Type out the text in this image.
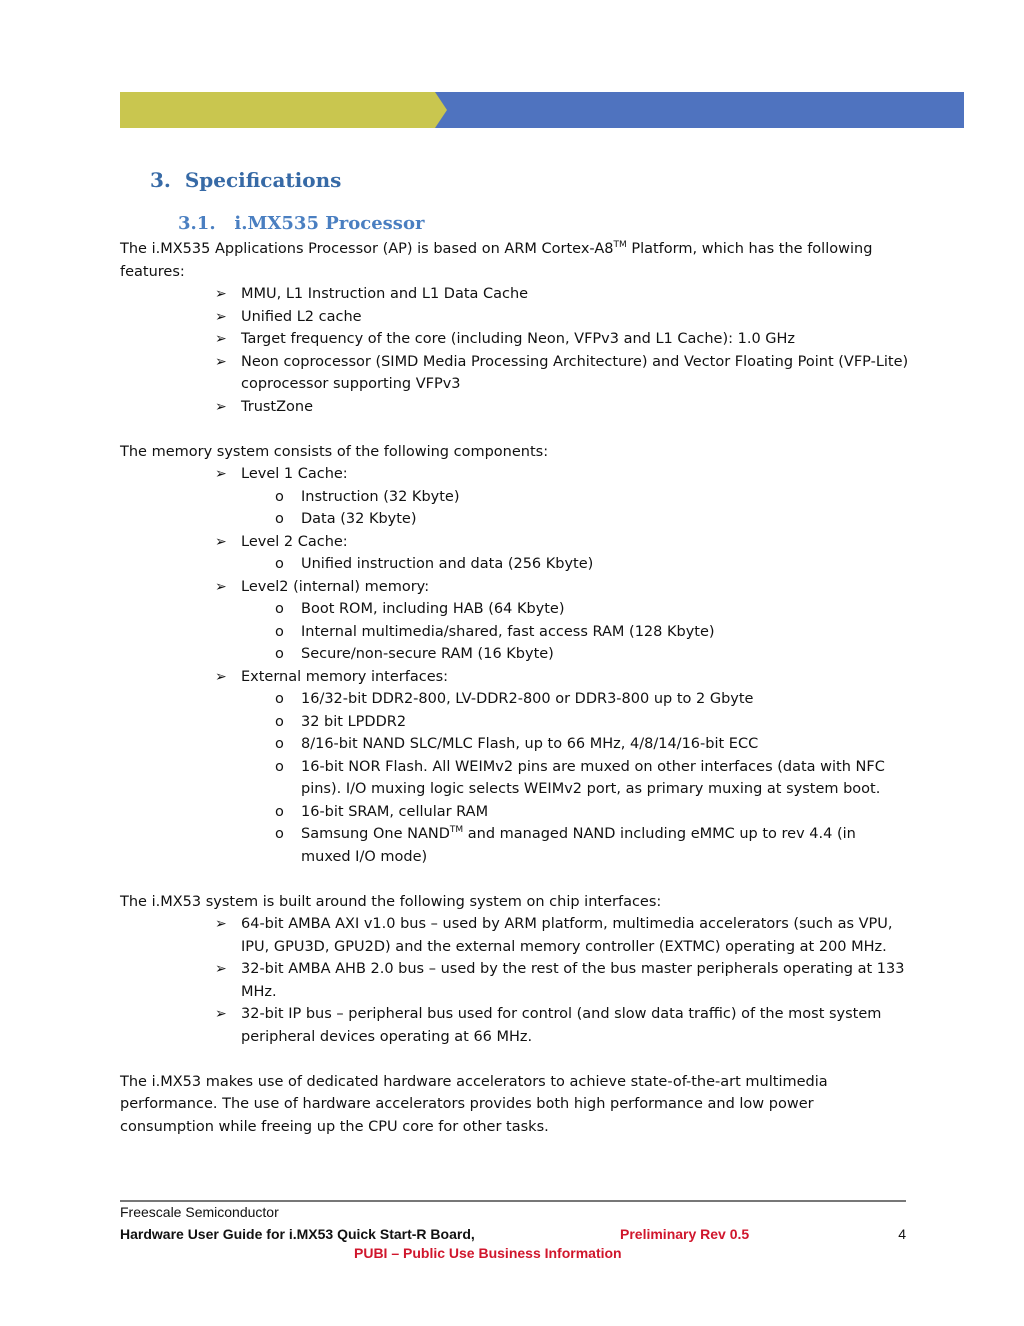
3. Specifications
3.1. i.MX535 Processor

The i.MX535 Applications Processor (AP) is based on ARM Cortex-A8™ Platform, which has the following
features:

➢ MMU, L1 Instruction and L1 Data Cache
➢ Unified L2 cache
➢ Target frequency of the core (including Neon, VFPv3 and L1 Cache): 1.0 GHz
➢ Neon coprocessor (SIMD Media Processing Architecture) and Vector Floating Point (VFP-Lite) coprocessor supporting VFPv3
➢ TrustZone

The memory system consists of the following components:

➢ Level 1 Cache:
o Instruction (32 Kbyte)
o Data (32 Kbyte)
➢ Level 2 Cache:
o Unified instruction and data (256 Kbyte)
➢ Level2 (internal) memory:
o Boot ROM, including HAB (64 Kbyte)
o Internal multimedia/shared, fast access RAM (128 Kbyte)
o Secure/non-secure RAM (16 Kbyte)
➢ External memory interfaces:
o 16/32-bit DDR2-800, LV-DDR2-800 or DDR3-800 up to 2 Gbyte
o 32 bit LPDDR2
o 8/16-bit NAND SLC/MLC Flash, up to 66 MHz, 4/8/14/16-bit ECC
o 16-bit NOR Flash. All WEIMv2 pins are muxed on other interfaces (data with NFC pins). I/O muxing logic selects WEIMv2 port, as primary muxing at system boot.
o 16-bit SRAM, cellular RAM
o Samsung One NAND™ and managed NAND including eMMC up to rev 4.4 (in muxed I/O mode)

The i.MX53 system is built around the following system on chip interfaces:

➢ 64-bit AMBA AXI v1.0 bus – used by ARM platform, multimedia accelerators (such as VPU, IPU, GPU3D, GPU2D) and the external memory controller (EXTMC) operating at 200 MHz.
➢ 32-bit AMBA AHB 2.0 bus – used by the rest of the bus master peripherals operating at 133 MHz.
➢ 32-bit IP bus – peripheral bus used for control (and slow data traffic) of the most system peripheral devices operating at 66 MHz.

The i.MX53 makes use of dedicated hardware accelerators to achieve state-of-the-art multimedia performance. The use of hardware accelerators provides both high performance and low power consumption while freeing up the CPU core for other tasks.

Freescale Semiconductor
Hardware User Guide for i.MX53 Quick Start-R Board,	Preliminary Rev 0.5	4
PUBI – Public Use Business Information
